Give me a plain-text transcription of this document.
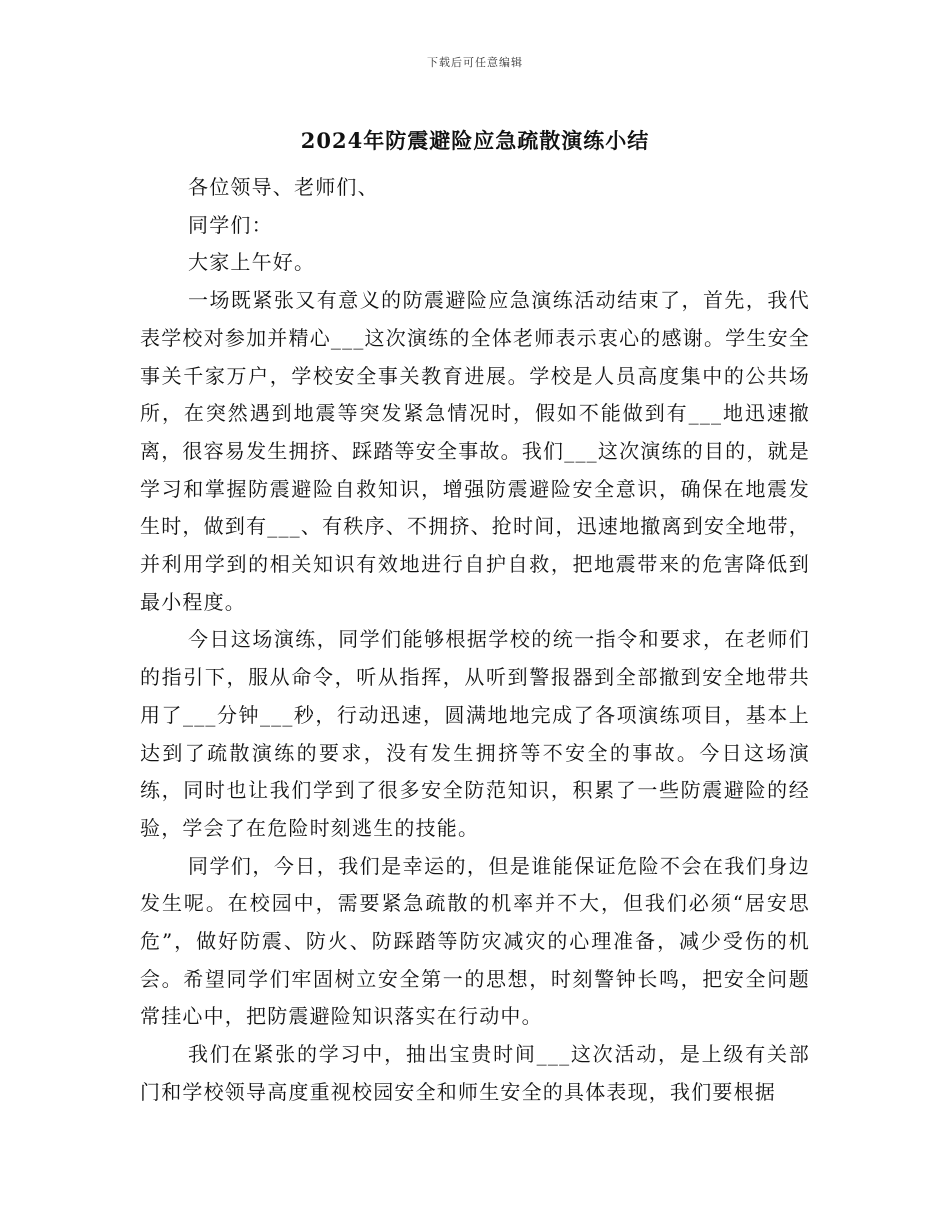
下载后可任意编辑
2024年防震避险应急疏散演练小结

各位领导、老师们、

同学们：

大家上午好。

一场既紧张又有意义的防震避险应急演练活动结束了，首先，我代表学校对参加并精心___这次演练的全体老师表示衷心的感谢。学生安全事关千家万户，学校安全事关教育进展。学校是人员高度集中的公共场所，在突然遇到地震等突发紧急情况时，假如不能做到有___地迅速撤离，很容易发生拥挤、踩踏等安全事故。我们___这次演练的目的，就是学习和掌握防震避险自救知识，增强防震避险安全意识，确保在地震发生时，做到有___、有秩序、不拥挤、抢时间，迅速地撤离到安全地带，并利用学到的相关知识有效地进行自护自救，把地震带来的危害降低到最小程度。

今日这场演练，同学们能够根据学校的统一指令和要求，在老师们的指引下，服从命令，听从指挥，从听到警报器到全部撤到安全地带共用了___分钟___秒，行动迅速，圆满地地完成了各项演练项目，基本上达到了疏散演练的要求，没有发生拥挤等不安全的事故。今日这场演练，同时也让我们学到了很多安全防范知识，积累了一些防震避险的经验，学会了在危险时刻逃生的技能。

同学们，今日，我们是幸运的，但是谁能保证危险不会在我们身边发生呢。在校园中，需要紧急疏散的机率并不大，但我们必须“居安思危”，做好防震、防火、防踩踏等防灾减灾的心理准备，减少受伤的机会。希望同学们牢固树立安全第一的思想，时刻警钟长鸣，把安全问题常挂心中，把防震避险知识落实在行动中。

我们在紧张的学习中，抽出宝贵时间___这次活动，是上级有关部门和学校领导高度重视校园安全和师生安全的具体表现，我们要根据
